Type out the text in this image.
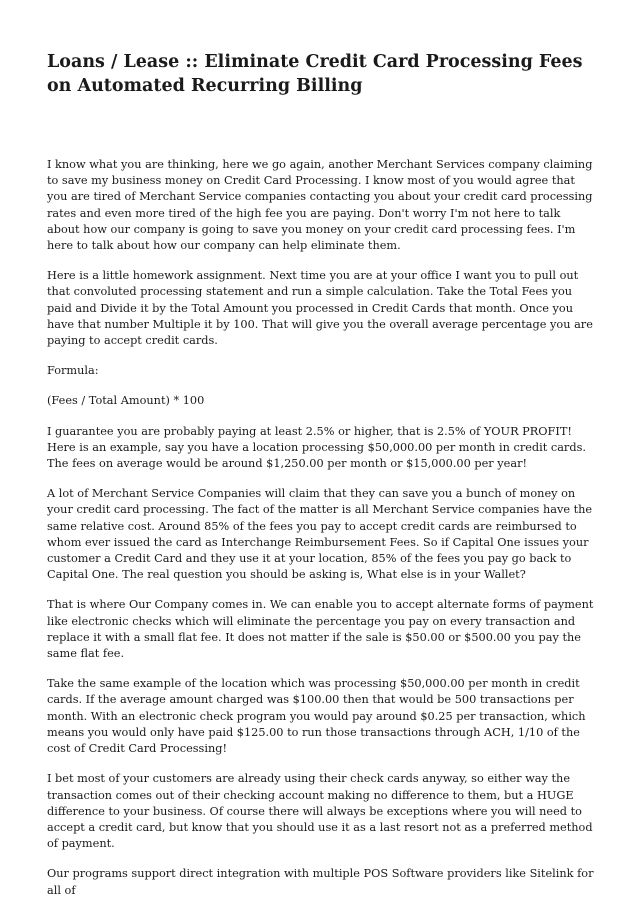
Loans / Lease :: Eliminate Credit Card Processing Fees on Automated Recurring Billing

I know what you are thinking, here we go again, another Merchant Services company claiming to save my business money on Credit Card Processing. I know most of you would agree that you are tired of Merchant Service companies contacting you about your credit card processing rates and even more tired of the high fee you are paying. Don't worry I'm not here to talk about how our company is going to save you money on your credit card processing fees. I'm here to talk about how our company can help eliminate them.

Here is a little homework assignment. Next time you are at your office I want you to pull out that convoluted processing statement and run a simple calculation. Take the Total Fees you paid and Divide it by the Total Amount you processed in Credit Cards that month. Once you have that number Multiple it by 100. That will give you the overall average percentage you are paying to accept credit cards.

Formula:

(Fees / Total Amount) * 100

I guarantee you are probably paying at least 2.5% or higher, that is 2.5% of YOUR PROFIT! Here is an example, say you have a location processing $50,000.00 per month in credit cards. The fees on average would be around $1,250.00 per month or $15,000.00 per year!

A lot of Merchant Service Companies will claim that they can save you a bunch of money on your credit card processing. The fact of the matter is all Merchant Service companies have the same relative cost. Around 85% of the fees you pay to accept credit cards are reimbursed to whom ever issued the card as Interchange Reimbursement Fees. So if Capital One issues your customer a Credit Card and they use it at your location, 85% of the fees you pay go back to Capital One. The real question you should be asking is, What else is in your Wallet?

That is where Our Company comes in. We can enable you to accept alternate forms of payment like electronic checks which will eliminate the percentage you pay on every transaction and replace it with a small flat fee. It does not matter if the sale is $50.00 or $500.00 you pay the same flat fee.

Take the same example of the location which was processing $50,000.00 per month in credit cards. If the average amount charged was $100.00 then that would be 500 transactions per month. With an electronic check program you would pay around $0.25 per transaction, which means you would only have paid $125.00 to run those transactions through ACH, 1/10 of the cost of Credit Card Processing!

I bet most of your customers are already using their check cards anyway, so either way the transaction comes out of their checking account making no difference to them, but a HUGE difference to your business. Of course there will always be exceptions where you will need to accept a credit card, but know that you should use it as a last resort not as a preferred method of payment.

Our programs support direct integration with multiple POS Software providers like Sitelink for all of
